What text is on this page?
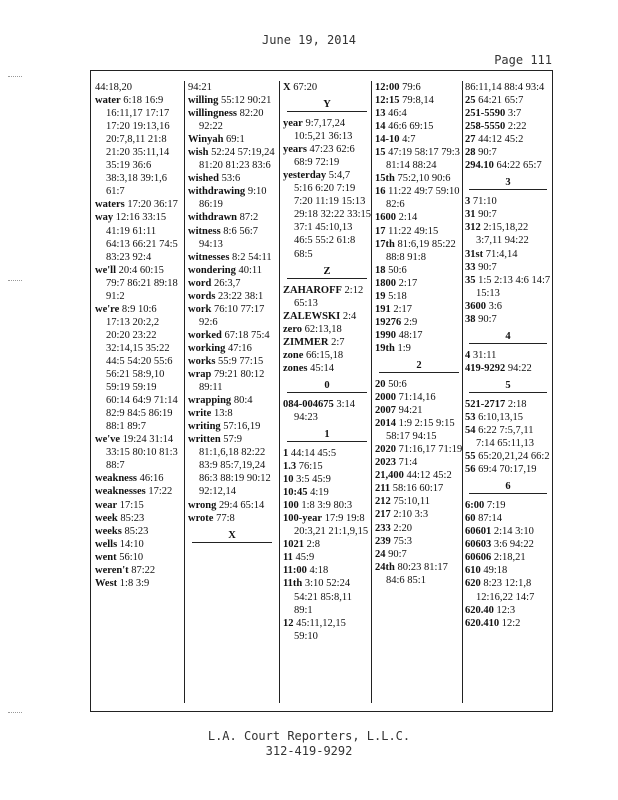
June 19, 2014
Page 111
44:18,20
water 6:18 16:9 16:11,17 17:17 17:20 19:13,16 20:7,8,11 21:8 21:20 35:11,14 35:19 36:6 38:3,18 39:1,6 61:7
waters 17:20 36:17
way 12:16 33:15 41:19 61:11 64:13 66:21 74:5 83:23 92:4
we'll 20:4 60:15 79:7 86:21 89:18 91:2
we're 8:9 10:6 17:13 20:2,2 20:20 23:22 32:14,15 35:22 44:5 54:20 55:6 56:21 58:9,10 59:19 59:19 60:14 64:9 71:14 82:9 84:5 86:19 88:1 89:7
we've 19:24 31:14 33:15 80:10 81:3 88:7
weakness 46:16
weaknesses 17:22
wear 17:15
week 85:23
weeks 85:23
wells 14:10
went 56:10
weren't 87:22
West 1:8 3:9
94:21
willing 55:12 90:21
willingness 82:20 92:22
Winyah 69:1
wish 52:24 57:19,24 81:20 81:23 83:6
wished 53:6
withdrawing 9:10 86:19
withdrawn 87:2
witness 8:6 56:7 94:13
witnesses 8:2 54:11
wondering 40:11
word 26:3,7
words 23:22 38:1
work 76:10 77:17 92:6
worked 67:18 75:4
working 47:16
works 55:9 77:15
wrap 79:21 80:12 89:11
wrapping 80:4
write 13:8
writing 57:16,19
written 57:9 81:1,6,18 82:22 83:9 85:7,19,24 86:3 88:19 90:12 92:12,14
wrong 29:4 65:14
wrote 77:8
X
X 67:20
Y
year 9:7,17,24 10:5,21 36:13
years 47:23 62:6 68:9 72:19
yesterday 5:4,7 5:16 6:20 7:19 7:20 11:19 15:13 29:18 32:22 33:15 37:1 45:10,13 46:5 55:2 61:8 68:5
Z
ZAHAROFF 2:12 65:13
ZALEWSKI 2:4
zero 62:13,18
ZIMMER 2:7
zone 66:15,18
zones 45:14
0
084-004675 3:14 94:23
1
1 44:14 45:5
1.3 76:15
10 3:5 45:9
10:45 4:19
100 1:8 3:9 80:3
100-year 17:9 19:8 20:3,21 21:1,9,15
1021 2:8
11 45:9
11:00 4:18
11th 3:10 52:24 54:21 85:8,11 89:1
12 45:11,12,15 59:10
12:00 79:6
12:15 79:8,14
13 46:4
14 46:6 69:15
14-10 4:7
15 47:19 58:17 79:3 81:14 88:24
15th 75:2,10 90:6
16 11:22 49:7 59:10 82:6
1600 2:14
17 11:22 49:15
17th 81:6,19 85:22 88:8 91:8
18 50:6
1800 2:17
19 5:18
191 2:17
19276 2:9
1990 48:17
19th 1:9
2
20 50:6
2000 71:14,16
2007 94:21
2014 1:9 2:15 9:15 58:17 94:15
2020 71:16,17 71:19
2023 71:4
21,400 44:12 45:2
211 58:16 60:17
212 75:10,11
217 2:10 3:3
233 2:20
239 75:3
24 90:7
24th 80:23 81:17 84:6 85:1
86:11,14 88:4 93:4
25 64:21 65:7
251-5590 3:7
258-5550 2:22
27 44:12 45:2
28 90:7
294.10 64:22 65:7
3
3 71:10
31 90:7
312 2:15,18,22 3:7,11 94:22
31st 71:4,14
33 90:7
35 1:5 2:13 4:6 14:7 15:13
3600 3:6
38 90:7
4
4 31:11
419-9292 94:22
5
521-2717 2:18
53 6:10,13,15
54 6:22 7:5,7,11 7:14 65:11,13
55 65:20,21,24 66:2
56 69:4 70:17,19
6
6:00 7:19
60 87:14
60601 2:14 3:10
60603 3:6 94:22
60606 2:18,21
610 49:18
620 8:23 12:1,8 12:16,22 14:7
620.40 12:3
620.410 12:2
L.A. Court Reporters, L.L.C.
312-419-9292
